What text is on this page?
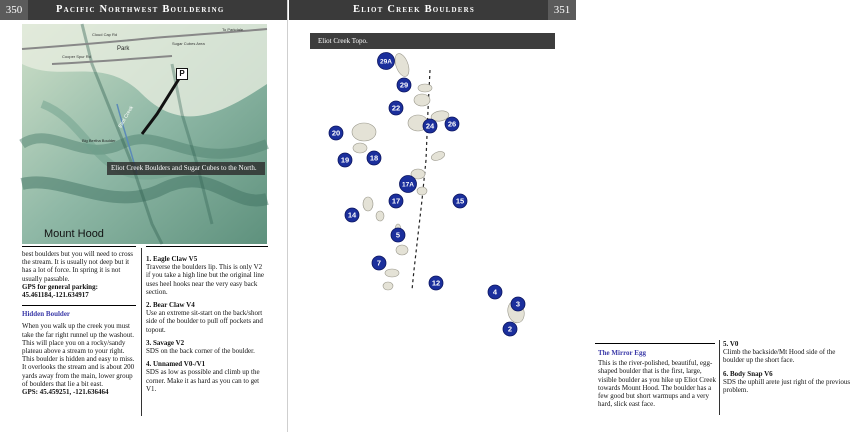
350	Pacific Northwest Bouldering
Park
Cloud Cap Rd
Cooper Spur Rd
To Parkdale
Sugar Cubes Area
P
Eliot Creek
Big Bertha Boulder
Mount Hood
Eliot Creek Boulders and Sugar Cubes to the North.

best boulders but you will need to cross the stream. It is usually not deep but it has a lot of force. In spring it is not usually passable.

GPS for general parking: 45.461184,-121.634917

Hidden Boulder

When you walk up the creek you must take the far right runnel up the washout. This will place you on a rocky/sandy plateau above a stream to your right. This boulder is hidden and easy to miss. It overlooks the stream and is about 200 yards away from the main, lower group of boulders that lie a bit east.

GPS: 45.459251, -121.636464

1. Eagle Claw V5
Traverse the boulders lip. This is only V2 if you take a high line but the original line uses heel hooks near the very easy back section.
2. Bear Claw V4
Use an extreme sit-start on the back/short side of the boulder to pull off pockets and topout.
3. Savage V2
SDS on the back corner of the boulder.
4. Unnamed V0-/V1
SDS as low as possible and climb up the corner. Make it as hard as you can to get V1.
Eliot Creek Boulders	351
Eliot Creek Topo.
29A
29
22
24 26
20
19	18
17A
17	15
14
5
7
12
4
3
2

The Mirror Egg

This is the river-polished, beautiful, egg-shaped boulder that is the first, large, visible boulder as you hike up Eliot Creek towards Mount Hood. The boulder has a few good but short warmups and a very hard, slick east face.

5. V0
Climb the backside/Mt Hood side of the boulder up the short face.
6. Body Snap V6
SDS the uphill arete just right of the previous problem.
